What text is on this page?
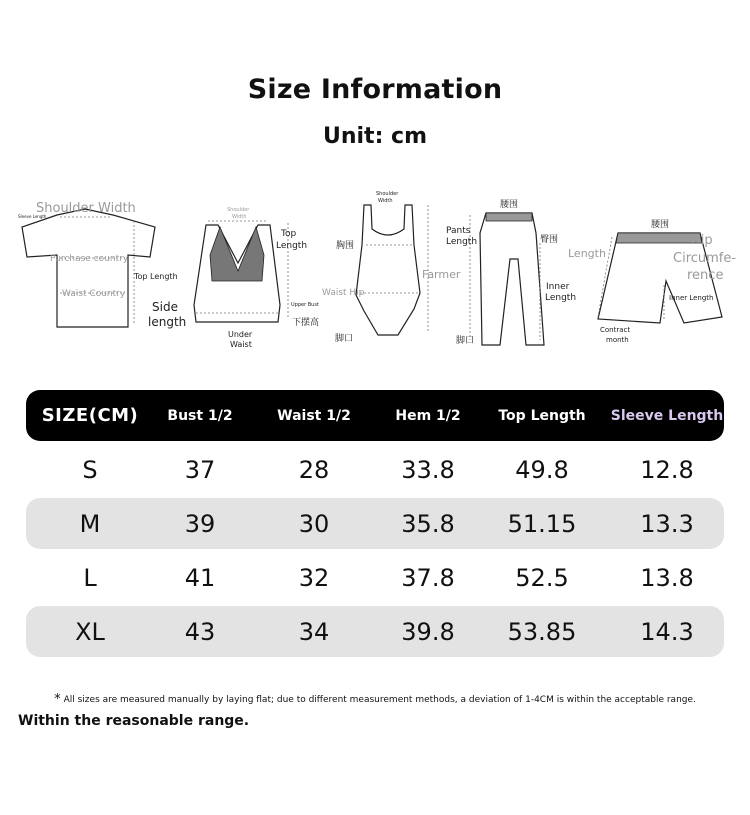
Size Information
Unit: cm
Shoulder Width
Sleeve Length
Purchase country
Waist Country
Top Length
Shoulder
Width
Top
Length
Side
length
Upper Bust
下摆高
Under
Waist
Shoulder
Width
胸围
Farmer
Waist Hip
脚口
腰围
Pants
Length	臀围
Inner
Length
脚口
腰围
Length
Hip
Circumfe-
rence
Inner Length
Contract
month
SIZE(CM)	Bust 1/2	Waist 1/2	Hem 1/2	Top Length	Sleeve Length
S	37	28	33.8	49.8	12.8
M	39	30	35.8	51.15	13.3
L	41	32	37.8	52.5	13.8
XL	43	34	39.8	53.85	14.3
* All sizes are measured manually by laying flat; due to different measurement methods, a deviation of 1-4CM is within the acceptable range.
Within the reasonable range.
